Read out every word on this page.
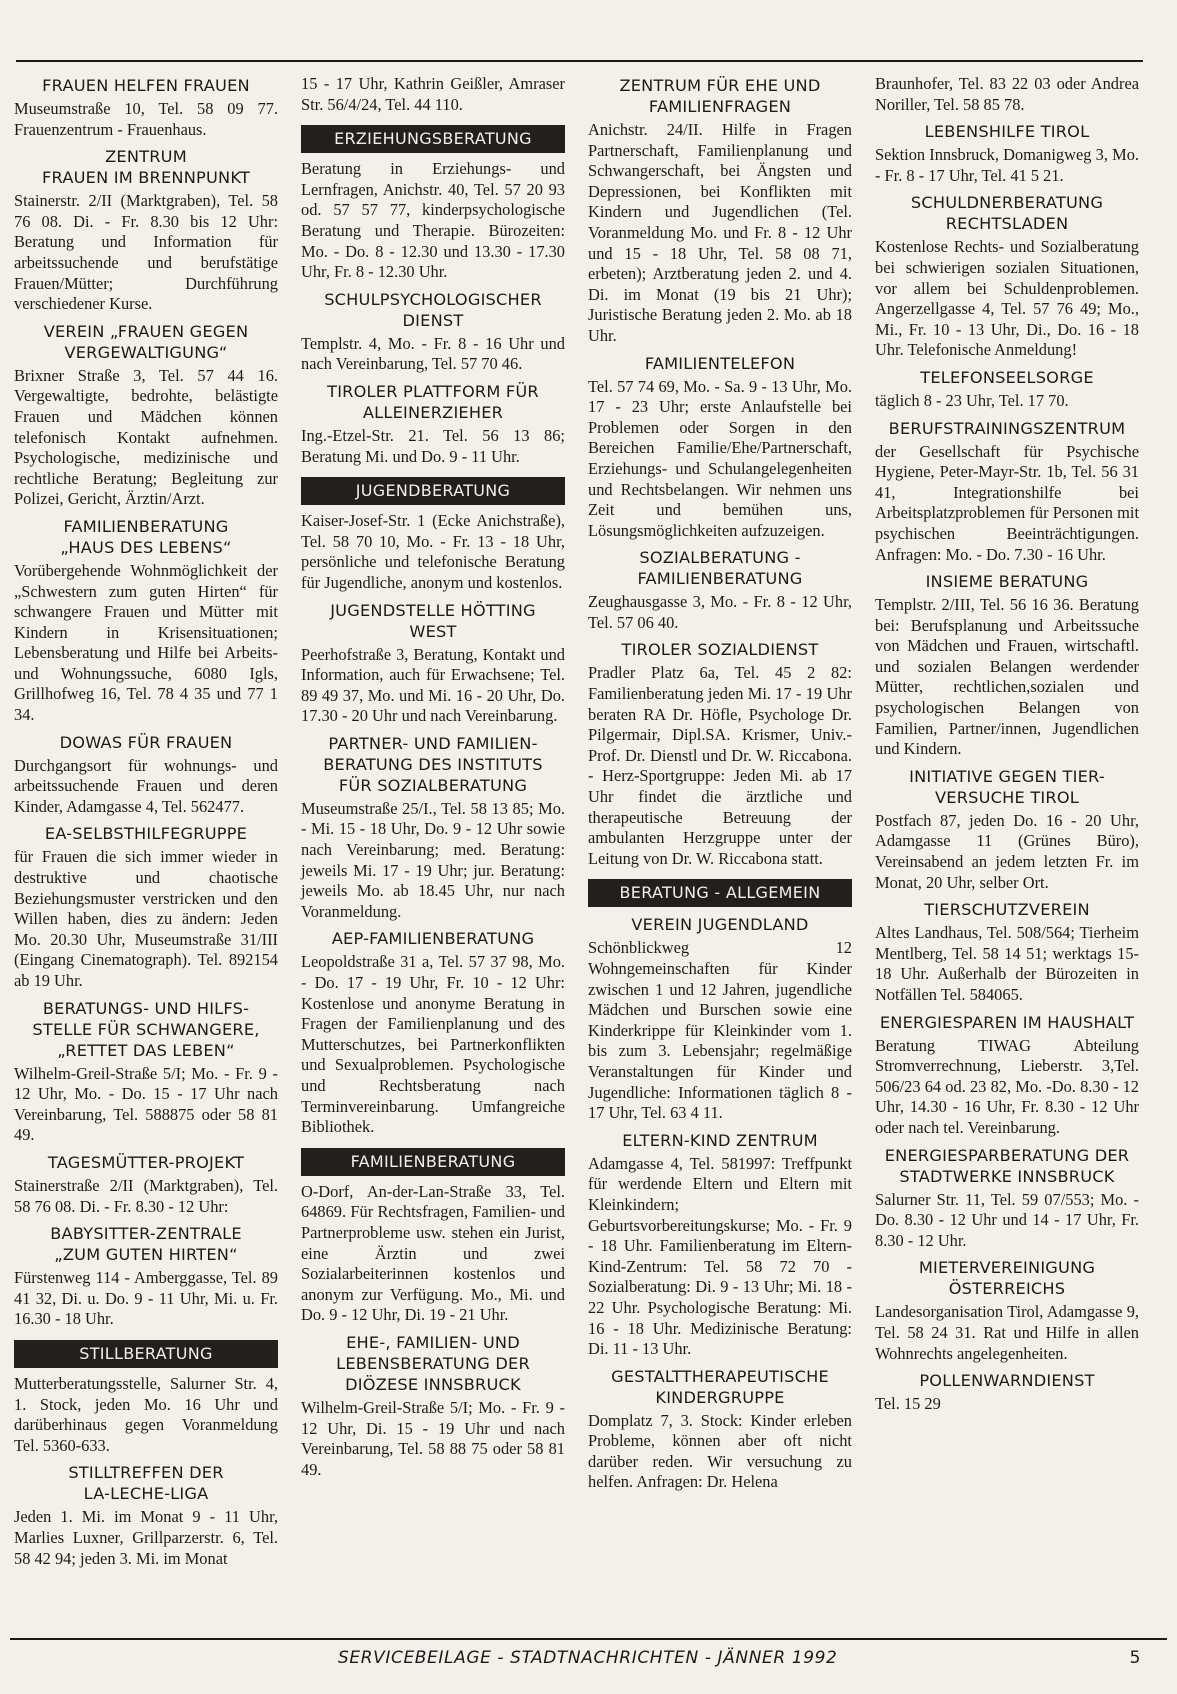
FRAUEN HELFEN FRAUEN

Museumstraße 10, Tel. 58 09 77. Frauenzentrum - Frauenhaus.

ZENTRUM
FRAUEN IM BRENNPUNKT

Stainerstr. 2/II (Marktgraben), Tel. 58 76 08. Di. - Fr. 8.30 bis 12 Uhr: Beratung und Information für arbeitssuchende und berufstätige Frauen/Mütter; Durchführung verschiedener Kurse.

VEREIN „FRAUEN GEGEN VERGEWALTIGUNG“

Brixner Straße 3, Tel. 57 44 16. Vergewaltigte, bedrohte, belästigte Frauen und Mädchen können telefonisch Kontakt aufnehmen. Psychologische, medizinische und rechtliche Beratung; Begleitung zur Polizei, Gericht, Ärztin/Arzt.

FAMILIENBERATUNG
„HAUS DES LEBENS“

Vorübergehende Wohnmöglichkeit der „Schwestern zum guten Hirten“ für schwangere Frauen und Mütter mit Kindern in Krisensituationen; Lebensberatung und Hilfe bei Arbeits- und Wohnungssuche, 6080 Igls, Grillhofweg 16, Tel. 78 4 35 und 77 1 34.

DOWAS FÜR FRAUEN

Durchgangsort für wohnungs- und arbeitssuchende Frauen und deren Kinder, Adamgasse 4, Tel. 562477.

EA-SELBSTHILFEGRUPPE

für Frauen die sich immer wieder in destruktive und chaotische Beziehungsmuster verstricken und den Willen haben, dies zu ändern: Jeden Mo. 20.30 Uhr, Museumstraße 31/III (Eingang Cinematograph). Tel. 892154 ab 19 Uhr.

BERATUNGS- UND HILFS-STELLE FÜR SCHWANGERE, „RETTET DAS LEBEN“

Wilhelm-Greil-Straße 5/I; Mo. - Fr. 9 - 12 Uhr, Mo. - Do. 15 - 17 Uhr nach Vereinbarung, Tel. 588875 oder 58 81 49.

TAGESMÜTTER-PROJEKT

Stainerstraße 2/II (Marktgraben), Tel. 58 76 08. Di. - Fr. 8.30 - 12 Uhr:

BABYSITTER-ZENTRALE
„ZUM GUTEN HIRTEN“

Fürstenweg 114 - Amberggasse, Tel. 89 41 32, Di. u. Do. 9 - 11 Uhr, Mi. u. Fr. 16.30 - 18 Uhr.

STILLBERATUNG

Mutterberatungsstelle, Salurner Str. 4, 1. Stock, jeden Mo. 16 Uhr und darüberhinaus gegen Voranmeldung Tel. 5360-633.

STILLTREFFEN DER
LA-LECHE-LIGA

Jeden 1. Mi. im Monat 9 - 11 Uhr, Marlies Luxner, Grillparzerstr. 6, Tel. 58 42 94; jeden 3. Mi. im Monat

15 - 17 Uhr, Kathrin Geißler, Amraser Str. 56/4/24, Tel. 44 110.

ERZIEHUNGSBERATUNG

Beratung in Erziehungs- und Lernfragen, Anichstr. 40, Tel. 57 20 93 od. 57 57 77, kinderpsychologische Beratung und Therapie. Bürozeiten: Mo. - Do. 8 - 12.30 und 13.30 - 17.30 Uhr, Fr. 8 - 12.30 Uhr.

SCHULPSYCHOLOGISCHER
DIENST

Templstr. 4, Mo. - Fr. 8 - 16 Uhr und nach Vereinbarung, Tel. 57 70 46.

TIROLER PLATTFORM FÜR
ALLEINERZIEHER

Ing.-Etzel-Str. 21. Tel. 56 13 86; Beratung Mi. und Do. 9 - 11 Uhr.

JUGENDBERATUNG

Kaiser-Josef-Str. 1 (Ecke Anichstraße), Tel. 58 70 10, Mo. - Fr. 13 - 18 Uhr, persönliche und telefonische Beratung für Jugendliche, anonym und kostenlos.

JUGENDSTELLE HÖTTING
WEST

Peerhofstraße 3, Beratung, Kontakt und Information, auch für Erwachsene; Tel. 89 49 37, Mo. und Mi. 16 - 20 Uhr, Do. 17.30 - 20 Uhr und nach Vereinbarung.

PARTNER- UND FAMILIEN-
BERATUNG DES INSTITUTS
FÜR SOZIALBERATUNG

Museumstraße 25/I., Tel. 58 13 85; Mo. - Mi. 15 - 18 Uhr, Do. 9 - 12 Uhr sowie nach Vereinbarung; med. Beratung: jeweils Mi. 17 - 19 Uhr; jur. Beratung: jeweils Mo. ab 18.45 Uhr, nur nach Voranmeldung.

AEP-FAMILIENBERATUNG

Leopoldstraße 31 a, Tel. 57 37 98, Mo. - Do. 17 - 19 Uhr, Fr. 10 - 12 Uhr: Kostenlose und anonyme Beratung in Fragen der Familienplanung und des Mutterschutzes, bei Partnerkonflikten und Sexualproblemen. Psychologische und Rechtsberatung nach Terminvereinbarung. Umfangreiche Bibliothek.

FAMILIENBERATUNG

O-Dorf, An-der-Lan-Straße 33, Tel. 64869. Für Rechtsfragen, Familien- und Partnerprobleme usw. stehen ein Jurist, eine Ärztin und zwei Sozialarbeiterinnen kostenlos und anonym zur Verfügung. Mo., Mi. und Do. 9 - 12 Uhr, Di. 19 - 21 Uhr.

EHE-, FAMILIEN- UND
LEBENSBERATUNG DER
DIÖZESE INNSBRUCK

Wilhelm-Greil-Straße 5/I; Mo. - Fr. 9 - 12 Uhr, Di. 15 - 19 Uhr und nach Vereinbarung, Tel. 58 88 75 oder 58 81 49.

ZENTRUM FÜR EHE UND
FAMILIENFRAGEN

Anichstr. 24/II. Hilfe in Fragen Partnerschaft, Familienplanung und Schwangerschaft, bei Ängsten und Depressionen, bei Konflikten mit Kindern und Jugendlichen (Tel. Voranmeldung Mo. und Fr. 8 - 12 Uhr und 15 - 18 Uhr, Tel. 58 08 71, erbeten); Arztberatung jeden 2. und 4. Di. im Monat (19 bis 21 Uhr); Juristische Beratung jeden 2. Mo. ab 18 Uhr.

FAMILIENTELEFON

Tel. 57 74 69, Mo. - Sa. 9 - 13 Uhr, Mo. 17 - 23 Uhr; erste Anlaufstelle bei Problemen oder Sorgen in den Bereichen Familie/Ehe/Partnerschaft, Erziehungs- und Schulangelegenheiten und Rechtsbelangen. Wir nehmen uns Zeit und bemühen uns, Lösungsmöglichkeiten aufzuzeigen.

SOZIALBERATUNG -
FAMILIENBERATUNG

Zeughausgasse 3, Mo. - Fr. 8 - 12 Uhr, Tel. 57 06 40.

TIROLER SOZIALDIENST

Pradler Platz 6a, Tel. 45 2 82: Familienberatung jeden Mi. 17 - 19 Uhr beraten RA Dr. Höfle, Psychologe Dr. Pilgermair, Dipl.SA. Krismer, Univ.-Prof. Dr. Dienstl und Dr. W. Riccabona. - Herz-Sportgruppe: Jeden Mi. ab 17 Uhr findet die ärztliche und therapeutische Betreuung der ambulanten Herzgruppe unter der Leitung von Dr. W. Riccabona statt.

BERATUNG - ALLGEMEIN
VEREIN JUGENDLAND

Schönblickweg 12 Wohngemeinschaften für Kinder zwischen 1 und 12 Jahren, jugendliche Mädchen und Burschen sowie eine Kinderkrippe für Kleinkinder vom 1. bis zum 3. Lebensjahr; regelmäßige Veranstaltungen für Kinder und Jugendliche: Informationen täglich 8 - 17 Uhr, Tel. 63 4 11.

ELTERN-KIND ZENTRUM

Adamgasse 4, Tel. 581997: Treffpunkt für werdende Eltern und Eltern mit Kleinkindern; Geburtsvorbereitungskurse; Mo. - Fr. 9 - 18 Uhr. Familienberatung im Eltern-Kind-Zentrum: Tel. 58 72 70 - Sozialberatung: Di. 9 - 13 Uhr; Mi. 18 - 22 Uhr. Psychologische Beratung: Mi. 16 - 18 Uhr. Medizinische Beratung: Di. 11 - 13 Uhr.

GESTALTTHERAPEUTISCHE
KINDERGRUPPE

Domplatz 7, 3. Stock: Kinder erleben Probleme, können aber oft nicht darüber reden. Wir versuchung zu helfen. Anfragen: Dr. Helena

Braunhofer, Tel. 83 22 03 oder Andrea Noriller, Tel. 58 85 78.

LEBENSHILFE TIROL

Sektion Innsbruck, Domanigweg 3, Mo. - Fr. 8 - 17 Uhr, Tel. 41 5 21.

SCHULDNERBERATUNG
RECHTSLADEN

Kostenlose Rechts- und Sozialberatung bei schwierigen sozialen Situationen, vor allem bei Schuldenproblemen. Angerzellgasse 4, Tel. 57 76 49; Mo., Mi., Fr. 10 - 13 Uhr, Di., Do. 16 - 18 Uhr. Telefonische Anmeldung!

TELEFONSEELSORGE

täglich 8 - 23 Uhr, Tel. 17 70.

BERUFSTRAININGSZENTRUM

der Gesellschaft für Psychische Hygiene, Peter-Mayr-Str. 1b, Tel. 56 31 41, Integrationshilfe bei Arbeitsplatzproblemen für Personen mit psychischen Beeinträchtigungen. Anfragen: Mo. - Do. 7.30 - 16 Uhr.

INSIEME BERATUNG

Templstr. 2/III, Tel. 56 16 36. Beratung bei: Berufsplanung und Arbeitssuche von Mädchen und Frauen, wirtschaftl. und sozialen Belangen werdender Mütter, rechtlichen,sozialen und psychologischen Belangen von Familien, Partner/innen, Jugendlichen und Kindern.

INITIATIVE GEGEN TIER-
VERSUCHE TIROL

Postfach 87, jeden Do. 16 - 20 Uhr, Adamgasse 11 (Grünes Büro), Vereinsabend an jedem letzten Fr. im Monat, 20 Uhr, selber Ort.

TIERSCHUTZVEREIN

Altes Landhaus, Tel. 508/564; Tierheim Mentlberg, Tel. 58 14 51; werktags 15-18 Uhr. Außerhalb der Bürozeiten in Notfällen Tel. 584065.

ENERGIESPAREN IM HAUSHALT

Beratung TIWAG Abteilung Stromverrechnung, Lieberstr. 3,Tel. 506/23 64 od. 23 82, Mo. -Do. 8.30 - 12 Uhr, 14.30 - 16 Uhr, Fr. 8.30 - 12 Uhr oder nach tel. Vereinbarung.

ENERGIESPARBERATUNG DER
STADTWERKE INNSBRUCK

Salurner Str. 11, Tel. 59 07/553; Mo. - Do. 8.30 - 12 Uhr und 14 - 17 Uhr, Fr. 8.30 - 12 Uhr.

MIETERVEREINIGUNG
ÖSTERREICHS

Landesorganisation Tirol, Adamgasse 9, Tel. 58 24 31. Rat und Hilfe in allen Wohnrechts angelegenheiten.

POLLENWARNDIENST

Tel. 15 29

SERVICEBEILAGE - STADTNACHRICHTEN - JÄNNER 1992	5
